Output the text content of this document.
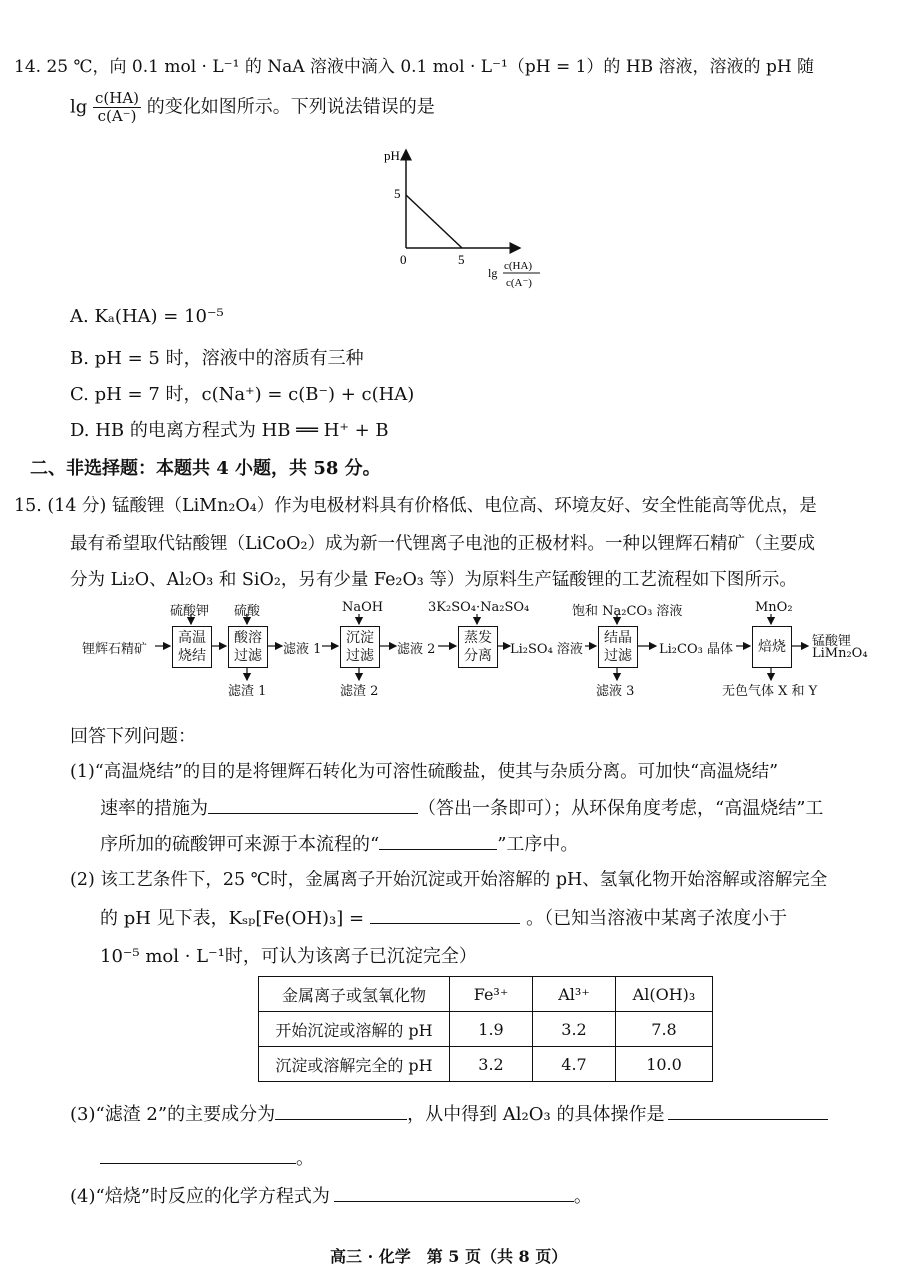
14. 25 ℃，向 0.1 mol · L⁻¹ 的 NaA 溶液中滴入 0.1 mol · L⁻¹（pH = 1）的 HB 溶液，溶液的 pH 随
$\lg \frac{c(HA)}{c(A^-)}$ 的变化如图所示。下列说法错误的是
pH
5
0	5
lg c(HA)
c(A⁻)
A. Kₐ(HA) = 10⁻⁵
B. pH = 5 时，溶液中的溶质有三种
C. pH = 7 时，c(Na⁺) = c(B⁻) + c(HA)
D. HB 的电离方程式为 HB ══ H⁺ + B
二、非选择题：本题共 4 小题，共 58 分。
15. (14 分) 锰酸锂（LiMn₂O₄）作为电极材料具有价格低、电位高、环境友好、安全性能高等优点，是
最有希望取代钴酸锂（LiCoO₂）成为新一代锂离子电池的正极材料。一种以锂辉石精矿（主要成
分为 Li₂O、Al₂O₃ 和 SiO₂，另有少量 Fe₂O₃ 等）为原料生产锰酸锂的工艺流程如下图所示。
锂辉石精矿
高温烧结
硫酸钾
酸溶过滤
硫酸
滤渣 1
滤液 1
沉淀过滤
NaOH
滤渣 2
滤液 2
蒸发分离
3K₂SO₄·Na₂SO₄
Li₂SO₄ 溶液
结晶过滤
饱和 Na₂CO₃ 溶液
滤液 3
Li₂CO₃ 晶体	焙烧
MnO₂
无色气体 X 和 Y
锰酸锂
LiMn₂O₄
回答下列问题：
(1)“高温烧结”的目的是将锂辉石转化为可溶性硫酸盐，使其与杂质分离。可加快“高温烧结”
速率的措施为	（答出一条即可）；从环保角度考虑，“高温烧结”工
序所加的硫酸钾可来源于本流程的“	”工序中。
(2) 该工艺条件下，25 ℃时，金属离子开始沉淀或开始溶解的 pH、氢氧化物开始溶解或溶解完全
的 pH 见下表，Kₛₚ[Fe(OH)₃] =	。（已知当溶液中某离子浓度小于
10⁻⁵ mol · L⁻¹时，可认为该离子已沉淀完全）
金属离子或氢氧化物	Fe³⁺	Al³⁺	Al(OH)₃
开始沉淀或溶解的 pH	1.9	3.2	7.8
沉淀或溶解完全的 pH	3.2	4.7	10.0
(3)“滤渣 2”的主要成分为	，从中得到 Al₂O₃ 的具体操作是
。
(4)“焙烧”时反应的化学方程式为	。
高三 · 化学　第 5 页（共 8 页）
